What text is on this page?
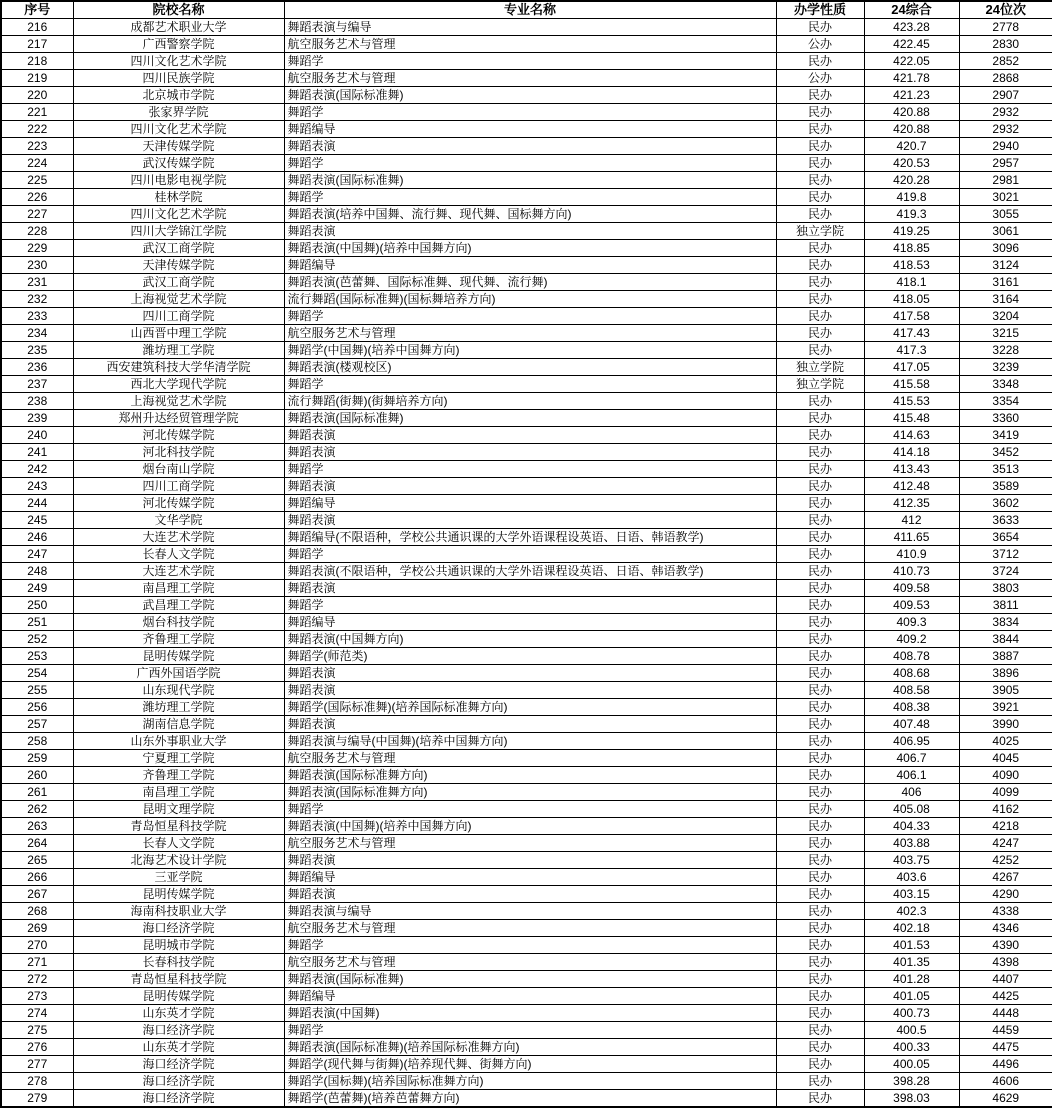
序号	院校名称	专业名称	办学性质	24综合	24位次
216	成都艺术职业大学	舞蹈表演与编导	民办	423.28	2778
217	广西警察学院	航空服务艺术与管理	公办	422.45	2830
218	四川文化艺术学院	舞蹈学	民办	422.05	2852
219	四川民族学院	航空服务艺术与管理	公办	421.78	2868
220	北京城市学院	舞蹈表演(国际标准舞)	民办	421.23	2907
221	张家界学院	舞蹈学	民办	420.88	2932
222	四川文化艺术学院	舞蹈编导	民办	420.88	2932
223	天津传媒学院	舞蹈表演	民办	420.7	2940
224	武汉传媒学院	舞蹈学	民办	420.53	2957
225	四川电影电视学院	舞蹈表演(国际标准舞)	民办	420.28	2981
226	桂林学院	舞蹈学	民办	419.8	3021
227	四川文化艺术学院	舞蹈表演(培养中国舞、流行舞、现代舞、国标舞方向)	民办	419.3	3055
228	四川大学锦江学院	舞蹈表演	独立学院	419.25	3061
229	武汉工商学院	舞蹈表演(中国舞)(培养中国舞方向)	民办	418.85	3096
230	天津传媒学院	舞蹈编导	民办	418.53	3124
231	武汉工商学院	舞蹈表演(芭蕾舞、国际标准舞、现代舞、流行舞)	民办	418.1	3161
232	上海视觉艺术学院	流行舞蹈(国际标准舞)(国标舞培养方向)	民办	418.05	3164
233	四川工商学院	舞蹈学	民办	417.58	3204
234	山西晋中理工学院	航空服务艺术与管理	民办	417.43	3215
235	潍坊理工学院	舞蹈学(中国舞)(培养中国舞方向)	民办	417.3	3228
236	西安建筑科技大学华清学院	舞蹈表演(楼观校区)	独立学院	417.05	3239
237	西北大学现代学院	舞蹈学	独立学院	415.58	3348
238	上海视觉艺术学院	流行舞蹈(街舞)(街舞培养方向)	民办	415.53	3354
239	郑州升达经贸管理学院	舞蹈表演(国际标准舞)	民办	415.48	3360
240	河北传媒学院	舞蹈表演	民办	414.63	3419
241	河北科技学院	舞蹈表演	民办	414.18	3452
242	烟台南山学院	舞蹈学	民办	413.43	3513
243	四川工商学院	舞蹈表演	民办	412.48	3589
244	河北传媒学院	舞蹈编导	民办	412.35	3602
245	文华学院	舞蹈表演	民办	412	3633
246	大连艺术学院	舞蹈编导(不限语种，学校公共通识课的大学外语课程设英语、日语、韩语教学)	民办	411.65	3654
247	长春人文学院	舞蹈学	民办	410.9	3712
248	大连艺术学院	舞蹈表演(不限语种，学校公共通识课的大学外语课程设英语、日语、韩语教学)	民办	410.73	3724
249	南昌理工学院	舞蹈表演	民办	409.58	3803
250	武昌理工学院	舞蹈学	民办	409.53	3811
251	烟台科技学院	舞蹈编导	民办	409.3	3834
252	齐鲁理工学院	舞蹈表演(中国舞方向)	民办	409.2	3844
253	昆明传媒学院	舞蹈学(师范类)	民办	408.78	3887
254	广西外国语学院	舞蹈表演	民办	408.68	3896
255	山东现代学院	舞蹈表演	民办	408.58	3905
256	潍坊理工学院	舞蹈学(国际标准舞)(培养国际标准舞方向)	民办	408.38	3921
257	湖南信息学院	舞蹈表演	民办	407.48	3990
258	山东外事职业大学	舞蹈表演与编导(中国舞)(培养中国舞方向)	民办	406.95	4025
259	宁夏理工学院	航空服务艺术与管理	民办	406.7	4045
260	齐鲁理工学院	舞蹈表演(国际标准舞方向)	民办	406.1	4090
261	南昌理工学院	舞蹈表演(国际标准舞方向)	民办	406	4099
262	昆明文理学院	舞蹈学	民办	405.08	4162
263	青岛恒星科技学院	舞蹈表演(中国舞)(培养中国舞方向)	民办	404.33	4218
264	长春人文学院	航空服务艺术与管理	民办	403.88	4247
265	北海艺术设计学院	舞蹈表演	民办	403.75	4252
266	三亚学院	舞蹈编导	民办	403.6	4267
267	昆明传媒学院	舞蹈表演	民办	403.15	4290
268	海南科技职业大学	舞蹈表演与编导	民办	402.3	4338
269	海口经济学院	航空服务艺术与管理	民办	402.18	4346
270	昆明城市学院	舞蹈学	民办	401.53	4390
271	长春科技学院	航空服务艺术与管理	民办	401.35	4398
272	青岛恒星科技学院	舞蹈表演(国际标准舞)	民办	401.28	4407
273	昆明传媒学院	舞蹈编导	民办	401.05	4425
274	山东英才学院	舞蹈表演(中国舞)	民办	400.73	4448
275	海口经济学院	舞蹈学	民办	400.5	4459
276	山东英才学院	舞蹈表演(国际标准舞)(培养国际标准舞方向)	民办	400.33	4475
277	海口经济学院	舞蹈学(现代舞与街舞)(培养现代舞、街舞方向)	民办	400.05	4496
278	海口经济学院	舞蹈学(国标舞)(培养国际标准舞方向)	民办	398.28	4606
279	海口经济学院	舞蹈学(芭蕾舞)(培养芭蕾舞方向)	民办	398.03	4629
